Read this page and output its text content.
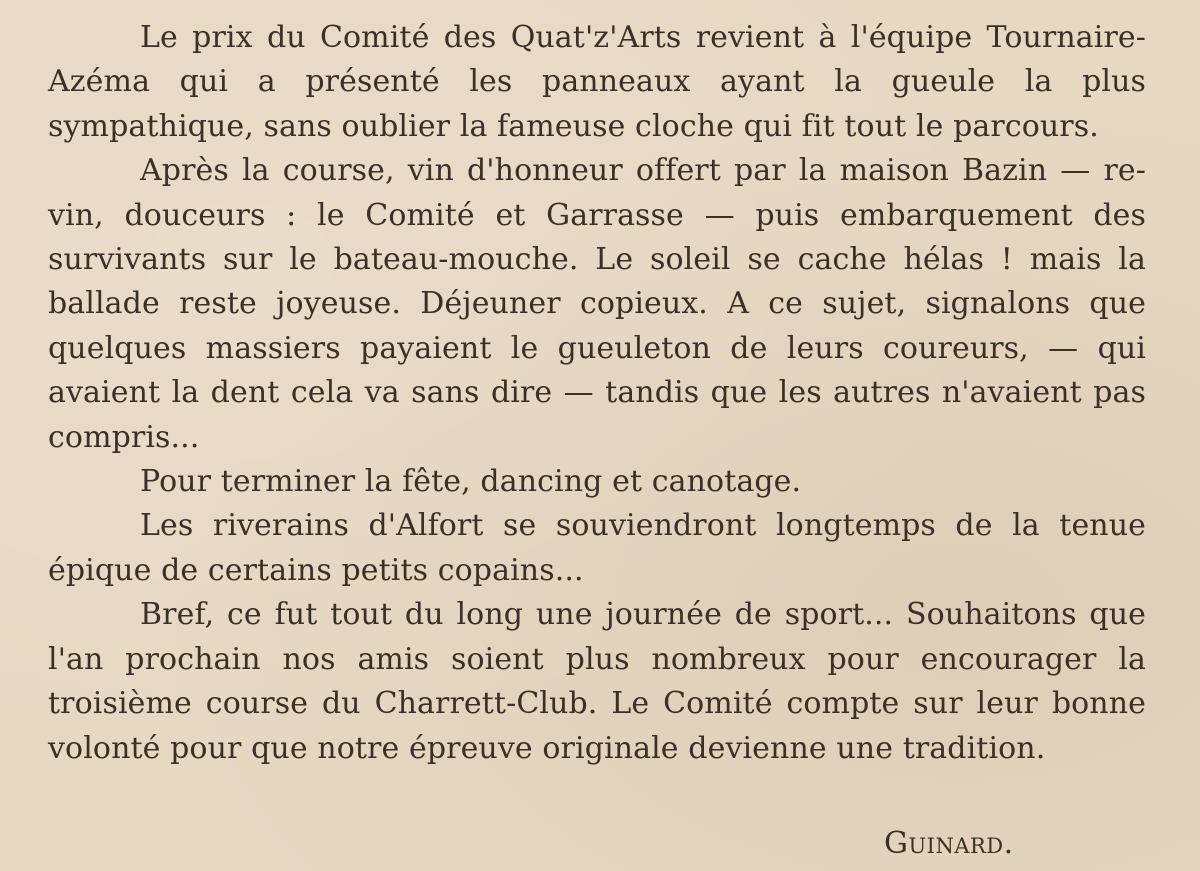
Le prix du Comité des Quat'z'Arts revient à l'équipe Tournaire-Azéma qui a présenté les panneaux ayant la gueule la plus sympathique, sans oublier la fameuse cloche qui fit tout le parcours.

Après la course, vin d'honneur offert par la maison Bazin — re-vin, douceurs : le Comité et Garrasse — puis embarquement des survivants sur le bateau-mouche. Le soleil se cache hélas ! mais la ballade reste joyeuse. Déjeuner copieux. A ce sujet, signalons que quelques massiers payaient le gueuleton de leurs coureurs, — qui avaient la dent cela va sans dire — tandis que les autres n'avaient pas compris...

Pour terminer la fête, dancing et canotage.

Les riverains d'Alfort se souviendront longtemps de la tenue épique de certains petits copains...

Bref, ce fut tout du long une journée de sport... Souhaitons que l'an prochain nos amis soient plus nombreux pour encourager la troisième course du Charrett-Club. Le Comité compte sur leur bonne volonté pour que notre épreuve originale devienne une tradition.

Guinard.
